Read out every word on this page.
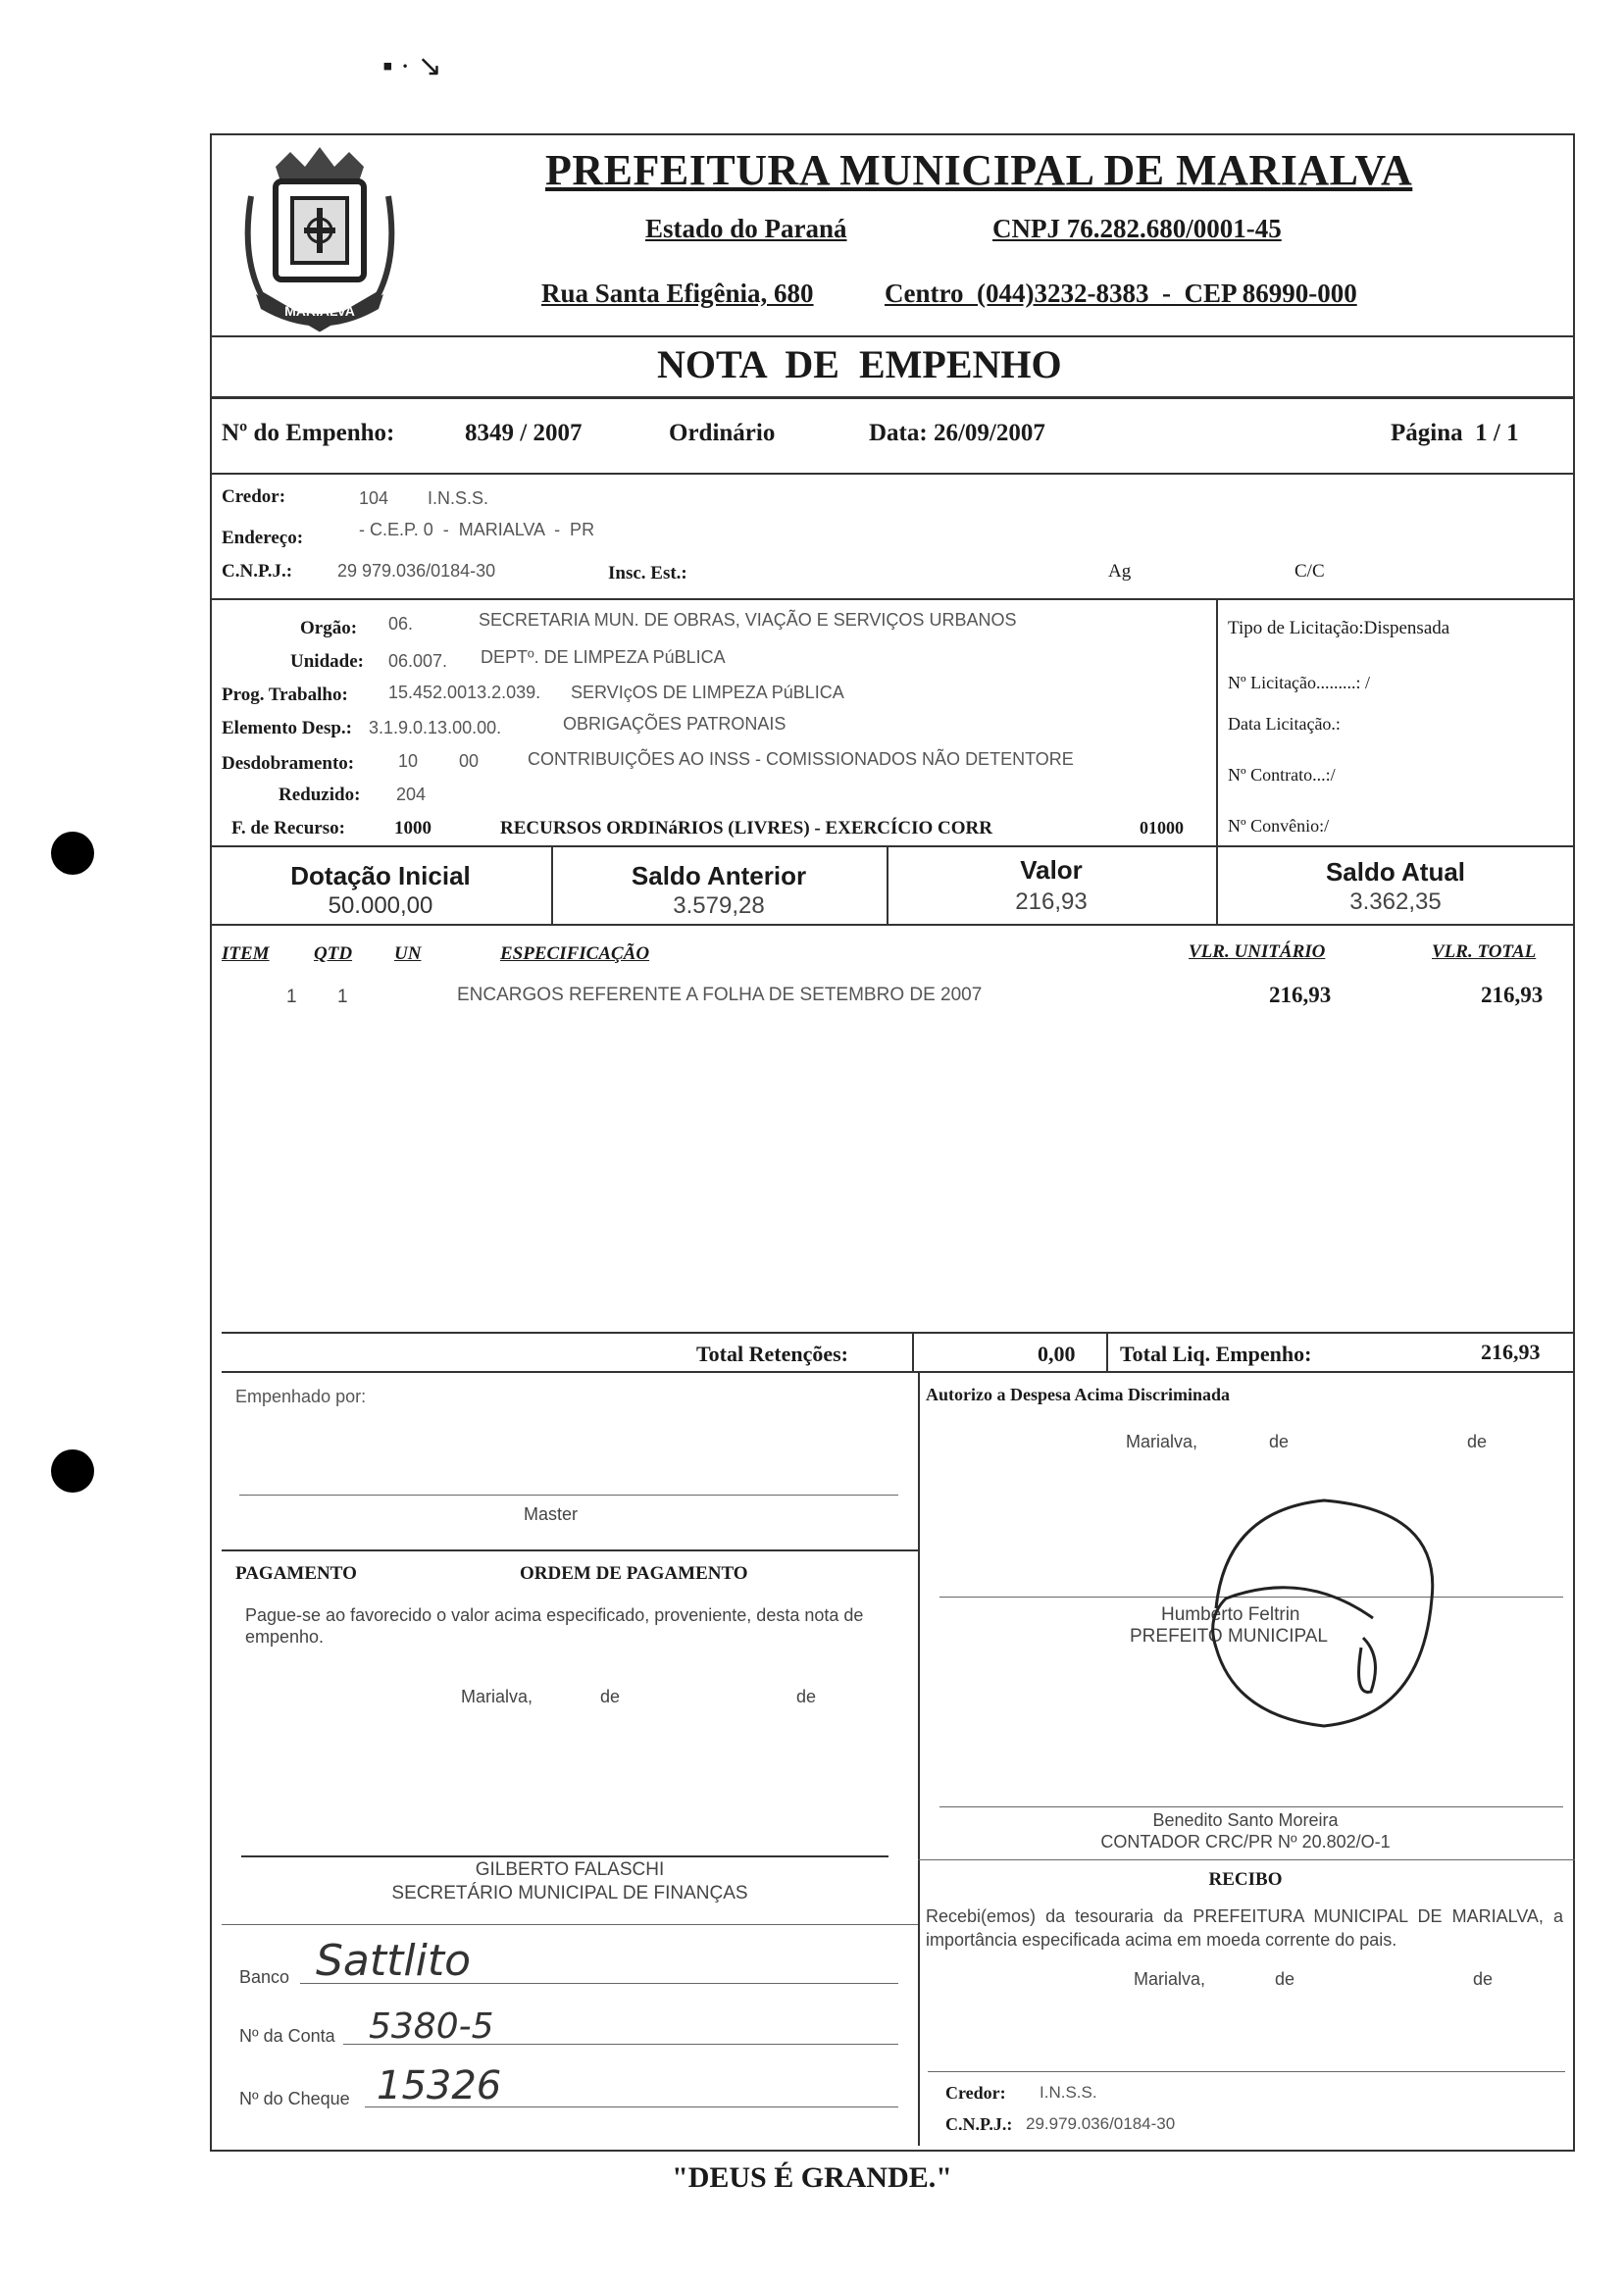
▪ · ↘
MARIALVA
PREFEITURA MUNICIPAL DE MARIALVA
Estado do Paraná	CNPJ 76.282.680/0001-45
Rua Santa Efigênia, 680	Centro  (044)3232-8383  -  CEP 86990-000
NOTA  DE  EMPENHO
Nº do Empenho:	8349 / 2007	Ordinário	Data: 26/09/2007	Página  1 / 1
Credor:	104 I.N.S.S.
Endereço:	- C.E.P. 0  -  MARIALVA  -  PR
C.N.P.J.:	29 979.036/0184-30	Insc. Est.:	Ag	C/C
Orgão: 06.	SECRETARIA MUN. DE OBRAS, VIAÇÃO E SERVIÇOS URBANOS
Unidade: 06.007. DEPTº. DE LIMPEZA PúBLICA
Prog. Trabalho: 15.452.0013.2.039. SERVIçOS DE LIMPEZA PúBLICA
Elemento Desp.: 3.1.9.0.13.00.00.	OBRIGAÇÕES PATRONAIS
Desdobramento: 10 00	CONTRIBUIÇÕES AO INSS - COMISSIONADOS NÃO DETENTORE
Reduzido: 204
F. de Recurso:	1000	RECURSOS ORDINáRIOS (LIVRES) - EXERCÍCIO CORR	01000
Tipo de Licitação:Dispensada
Nº Licitação.........: /
Data Licitação.:
Nº Contrato...:/
Nº Convênio:/
Dotação Inicial
50.000,00
Saldo Anterior
3.579,28
Valor
216,93
Saldo Atual
3.362,35
ITEM QTD UN	ESPECIFICAÇÃO	VLR. UNITÁRIO	VLR. TOTAL
1 1	ENCARGOS REFERENTE A FOLHA DE SETEMBRO DE 2007	216,93	216,93
Total Retenções:	0,00 Total Liq. Empenho:	216,93
Empenhado por:
Master
PAGAMENTO	ORDEM DE PAGAMENTO
Pague-se ao favorecido o valor acima especificado, proveniente, desta nota de empenho.
Marialva,	de	de
GILBERTO FALASCHI
SECRETÁRIO MUNICIPAL DE FINANÇAS
Banco Sattlito
Nº da Conta 5380-5
Nº do Cheque 15326
Autorizo a Despesa Acima Discriminada
Marialva,	de	de
Humberto Feltrin
PREFEITO MUNICIPAL
Benedito Santo Moreira
CONTADOR CRC/PR Nº 20.802/O-1
RECIBO
Recebi(emos) da tesouraria da PREFEITURA MUNICIPAL DE MARIALVA, a importância especificada acima em moeda corrente do pais.
Marialva,	de	de
Credor: I.N.S.S.
C.N.P.J.: 29.979.036/0184-30
"DEUS É GRANDE."
